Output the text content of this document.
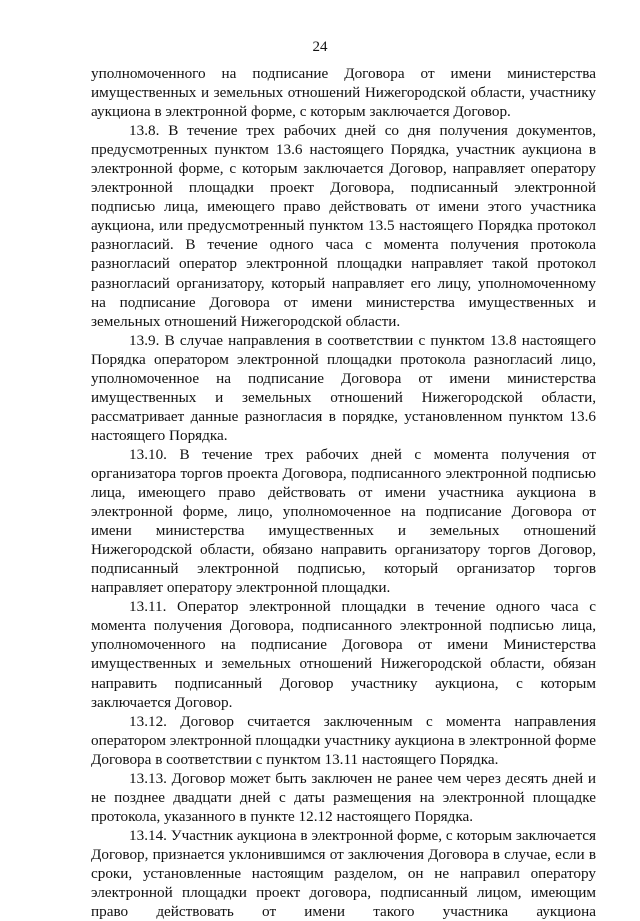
24

уполномоченного на подписание Договора от имени министерства имущественных и земельных отношений Нижегородской области, участнику аукциона в электронной форме, с которым заключается Договор.

13.8. В течение трех рабочих дней со дня получения документов, предусмотренных пунктом 13.6 настоящего Порядка, участник аукциона в электронной форме, с которым заключается Договор, направляет оператору электронной площадки проект Договора, подписанный электронной подписью лица, имеющего право действовать от имени этого участника аукциона, или предусмотренный пунктом 13.5 настоящего Порядка протокол разногласий. В течение одного часа с момента получения протокола разногласий оператор электронной площадки направляет такой протокол разногласий организатору, который направляет его лицу, уполномоченному на подписание Договора от имени министерства имущественных и земельных отношений Нижегородской области.

13.9. В случае направления в соответствии с пунктом 13.8 настоящего Порядка оператором электронной площадки протокола разногласий лицо, уполномоченное на подписание Договора от имени министерства имущественных и земельных отношений Нижегородской области, рассматривает данные разногласия в порядке, установленном пунктом 13.6 настоящего Порядка.

13.10. В течение трех рабочих дней с момента получения от организатора торгов проекта Договора, подписанного электронной подписью лица, имеющего право действовать от имени участника аукциона в электронной форме, лицо, уполномоченное на подписание Договора от имени министерства имущественных и земельных отношений Нижегородской области, обязано направить организатору торгов Договор, подписанный электронной подписью, который организатор торгов направляет оператору электронной площадки.

13.11. Оператор электронной площадки в течение одного часа с момента получения Договора, подписанного электронной подписью лица, уполномоченного на подписание Договора от имени Министерства имущественных и земельных отношений Нижегородской области, обязан направить подписанный Договор участнику аукциона, с которым заключается Договор.

13.12. Договор считается заключенным с момента направления оператором электронной площадки участнику аукциона в электронной форме Договора в соответствии с пунктом 13.11 настоящего Порядка.

13.13. Договор может быть заключен не ранее чем через десять дней и не позднее двадцати дней с даты размещения на электронной площадке протокола, указанного в пункте 12.12 настоящего Порядка.

13.14. Участник аукциона в электронной форме, с которым заключается Договор, признается уклонившимся от заключения Договора в случае, если в сроки, установленные настоящим разделом, он не направил оператору электронной площадки проект договора, подписанный лицом, имеющим право действовать от имени такого участника аукциона
